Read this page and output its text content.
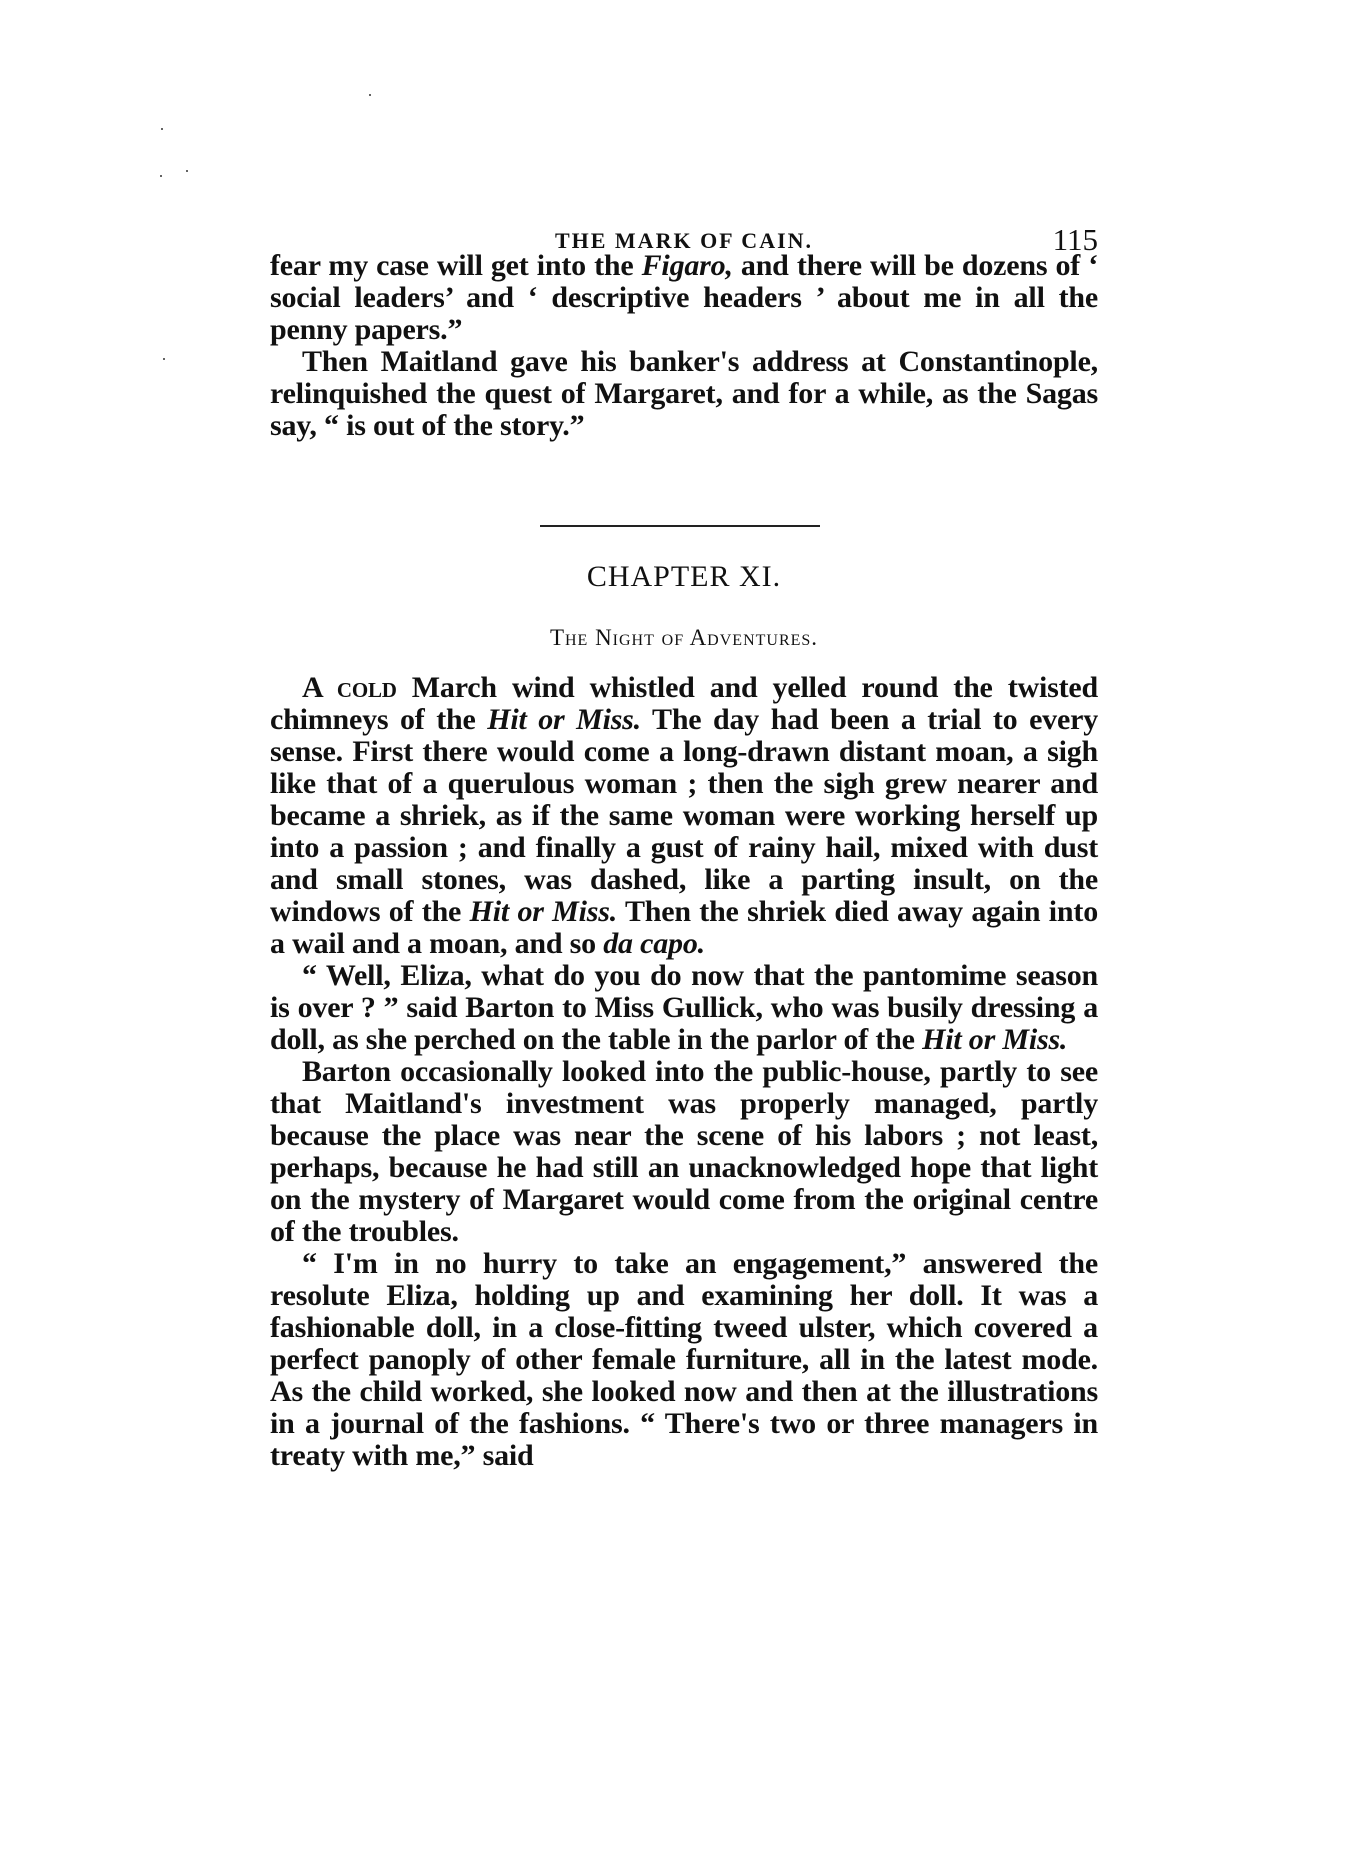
THE MARK OF CAIN.	115

fear my case will get into the Figaro, and there will be dozens of ‘ social leaders’ and ‘ descriptive headers ’ about me in all the penny papers.”

Then Maitland gave his banker's address at Constantinople, relinquished the quest of Margaret, and for a while, as the Sagas say, “ is out of the story.”

CHAPTER XI.
The Night of Adventures.

A cold March wind whistled and yelled round the twisted chimneys of the Hit or Miss. The day had been a trial to every sense. First there would come a long-drawn distant moan, a sigh like that of a querulous woman ; then the sigh grew nearer and became a shriek, as if the same woman were working herself up into a passion ; and finally a gust of rainy hail, mixed with dust and small stones, was dashed, like a parting insult, on the windows of the Hit or Miss. Then the shriek died away again into a wail and a moan, and so da capo.

“ Well, Eliza, what do you do now that the pantomime season is over ? ” said Barton to Miss Gullick, who was busily dressing a doll, as she perched on the table in the parlor of the Hit or Miss.

Barton occasionally looked into the public-house, partly to see that Maitland's investment was properly managed, partly because the place was near the scene of his labors ; not least, perhaps, because he had still an unacknowledged hope that light on the mystery of Margaret would come from the original centre of the troubles.

“ I'm in no hurry to take an engagement,” answered the resolute Eliza, holding up and examining her doll. It was a fashionable doll, in a close-fitting tweed ulster, which covered a perfect panoply of other female furniture, all in the latest mode. As the child worked, she looked now and then at the illustrations in a journal of the fashions. “ There's two or three managers in treaty with me,” said
